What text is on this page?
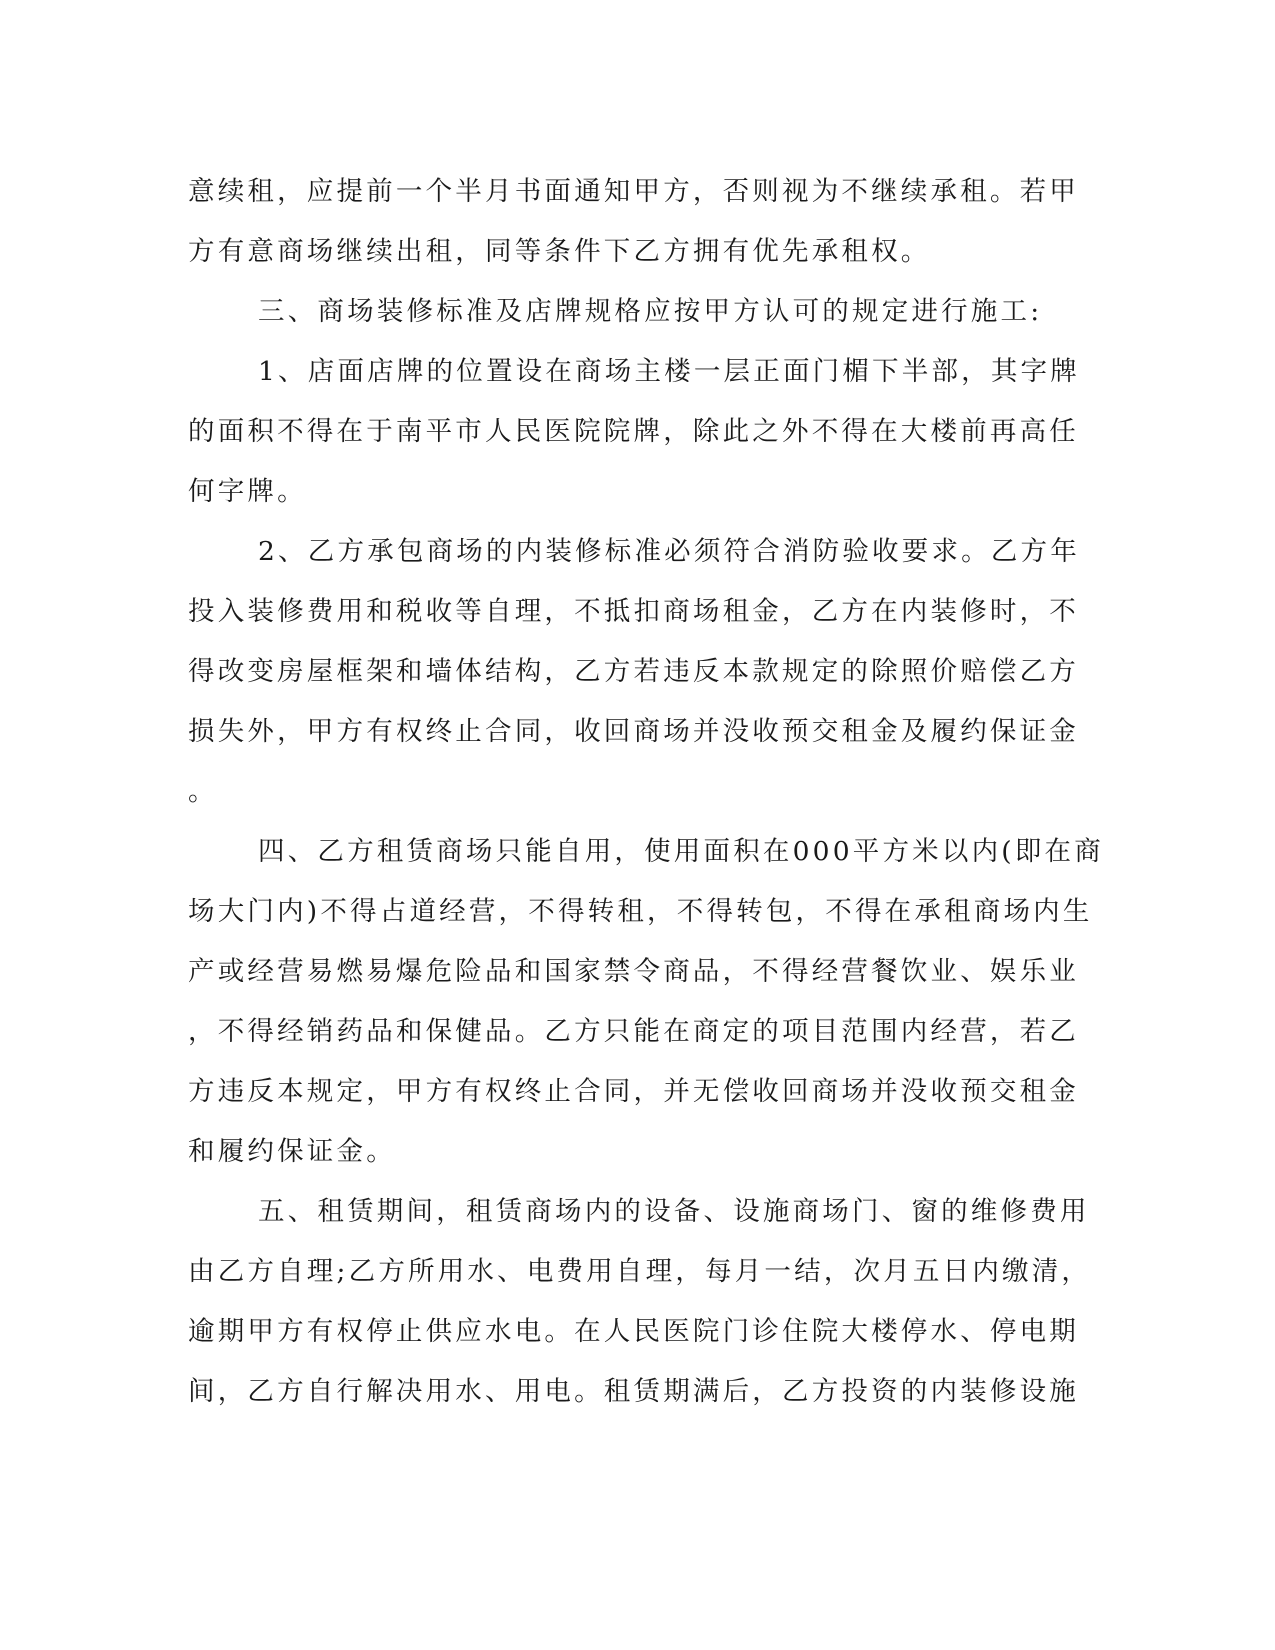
意续租，应提前一个半月书面通知甲方，否则视为不继续承租。若甲
方有意商场继续出租，同等条件下乙方拥有优先承租权。
三、商场装修标准及店牌规格应按甲方认可的规定进行施工:
1、店面店牌的位置设在商场主楼一层正面门楣下半部，其字牌
的面积不得在于南平市人民医院院牌，除此之外不得在大楼前再高任
何字牌。
2、乙方承包商场的内装修标准必须符合消防验收要求。乙方年
投入装修费用和税收等自理，不抵扣商场租金，乙方在内装修时，不
得改变房屋框架和墙体结构，乙方若违反本款规定的除照价赔偿乙方
损失外，甲方有权终止合同，收回商场并没收预交租金及履约保证金
。
四、乙方租赁商场只能自用，使用面积在000平方米以内(即在商
场大门内)不得占道经营，不得转租，不得转包，不得在承租商场内生
产或经营易燃易爆危险品和国家禁令商品，不得经营餐饮业、娱乐业
，不得经销药品和保健品。乙方只能在商定的项目范围内经营，若乙
方违反本规定，甲方有权终止合同，并无偿收回商场并没收预交租金
和履约保证金。
五、租赁期间，租赁商场内的设备、设施商场门、窗的维修费用
由乙方自理;乙方所用水、电费用自理，每月一结，次月五日内缴清，
逾期甲方有权停止供应水电。在人民医院门诊住院大楼停水、停电期
间，乙方自行解决用水、用电。租赁期满后，乙方投资的内装修设施
